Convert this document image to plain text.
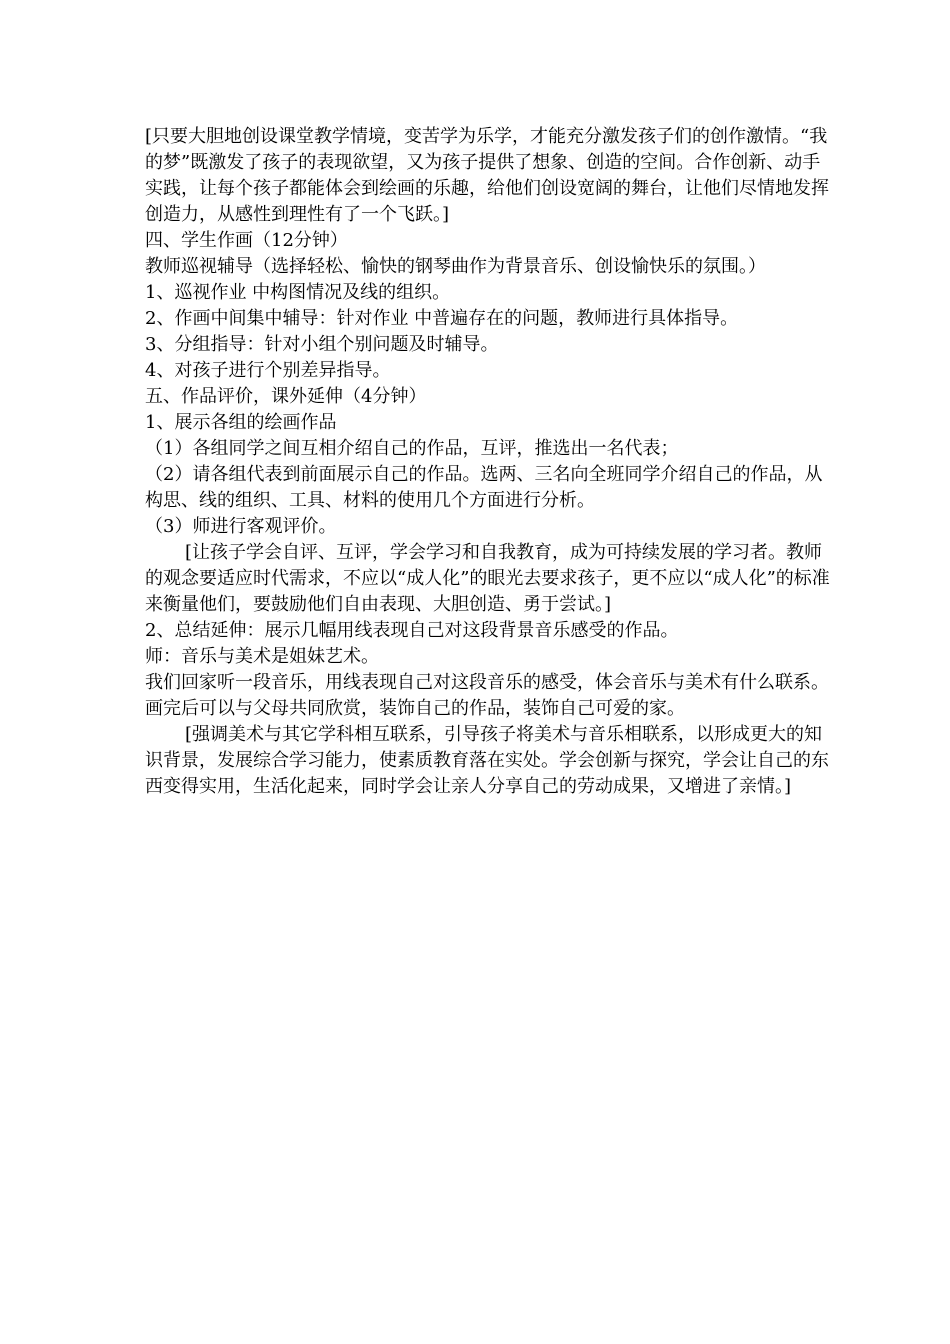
[只要大胆地创设课堂教学情境，变苦学为乐学，才能充分激发孩子们的创作激情。“我的梦”既激发了孩子的表现欲望，又为孩子提供了想象、创造的空间。合作创新、动手实践，让每个孩子都能体会到绘画的乐趣，给他们创设宽阔的舞台，让他们尽情地发挥创造力，从感性到理性有了一个飞跃。]

四、学生作画（12分钟）

教师巡视辅导（选择轻松、愉快的钢琴曲作为背景音乐、创设愉快乐的氛围。）

1、巡视作业 中构图情况及线的组织。

2、作画中间集中辅导：针对作业 中普遍存在的问题，教师进行具体指导。

3、分组指导：针对小组个别问题及时辅导。

4、对孩子进行个别差异指导。

五、作品评价，课外延伸（4分钟）

1、展示各组的绘画作品

（1）各组同学之间互相介绍自己的作品，互评，推选出一名代表；

（2）请各组代表到前面展示自己的作品。选两、三名向全班同学介绍自己的作品，从构思、线的组织、工具、材料的使用几个方面进行分析。

（3）师进行客观评价。

[让孩子学会自评、互评，学会学习和自我教育，成为可持续发展的学习者。教师的观念要适应时代需求，不应以“成人化”的眼光去要求孩子，更不应以“成人化”的标准来衡量他们，要鼓励他们自由表现、大胆创造、勇于尝试。]

2、总结延伸：展示几幅用线表现自己对这段背景音乐感受的作品。

师：音乐与美术是姐妹艺术。

我们回家听一段音乐，用线表现自己对这段音乐的感受，体会音乐与美术有什么联系。

画完后可以与父母共同欣赏，装饰自己的作品，装饰自己可爱的家。

[强调美术与其它学科相互联系，引导孩子将美术与音乐相联系，以形成更大的知识背景，发展综合学习能力，使素质教育落在实处。学会创新与探究，学会让自己的东西变得实用，生活化起来，同时学会让亲人分享自己的劳动成果，又增进了亲情。]
